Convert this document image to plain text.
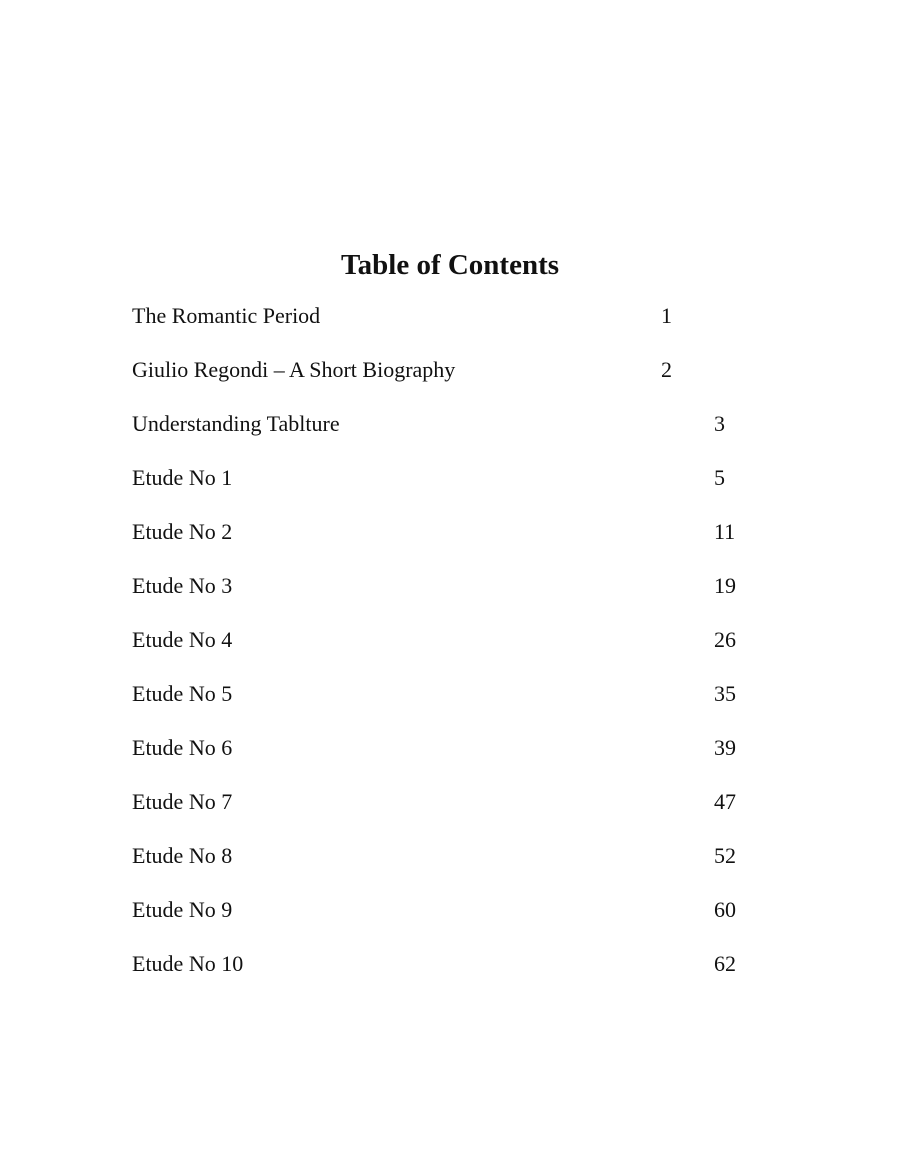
Table of Contents
The Romantic Period	1
Giulio Regondi – A Short Biography	2
Understanding Tablture	3
Etude No 1	5
Etude No 2	11
Etude No 3	19
Etude No 4	26
Etude No 5	35
Etude No 6	39
Etude No 7	47
Etude No 8	52
Etude No 9	60
Etude No 10	62
